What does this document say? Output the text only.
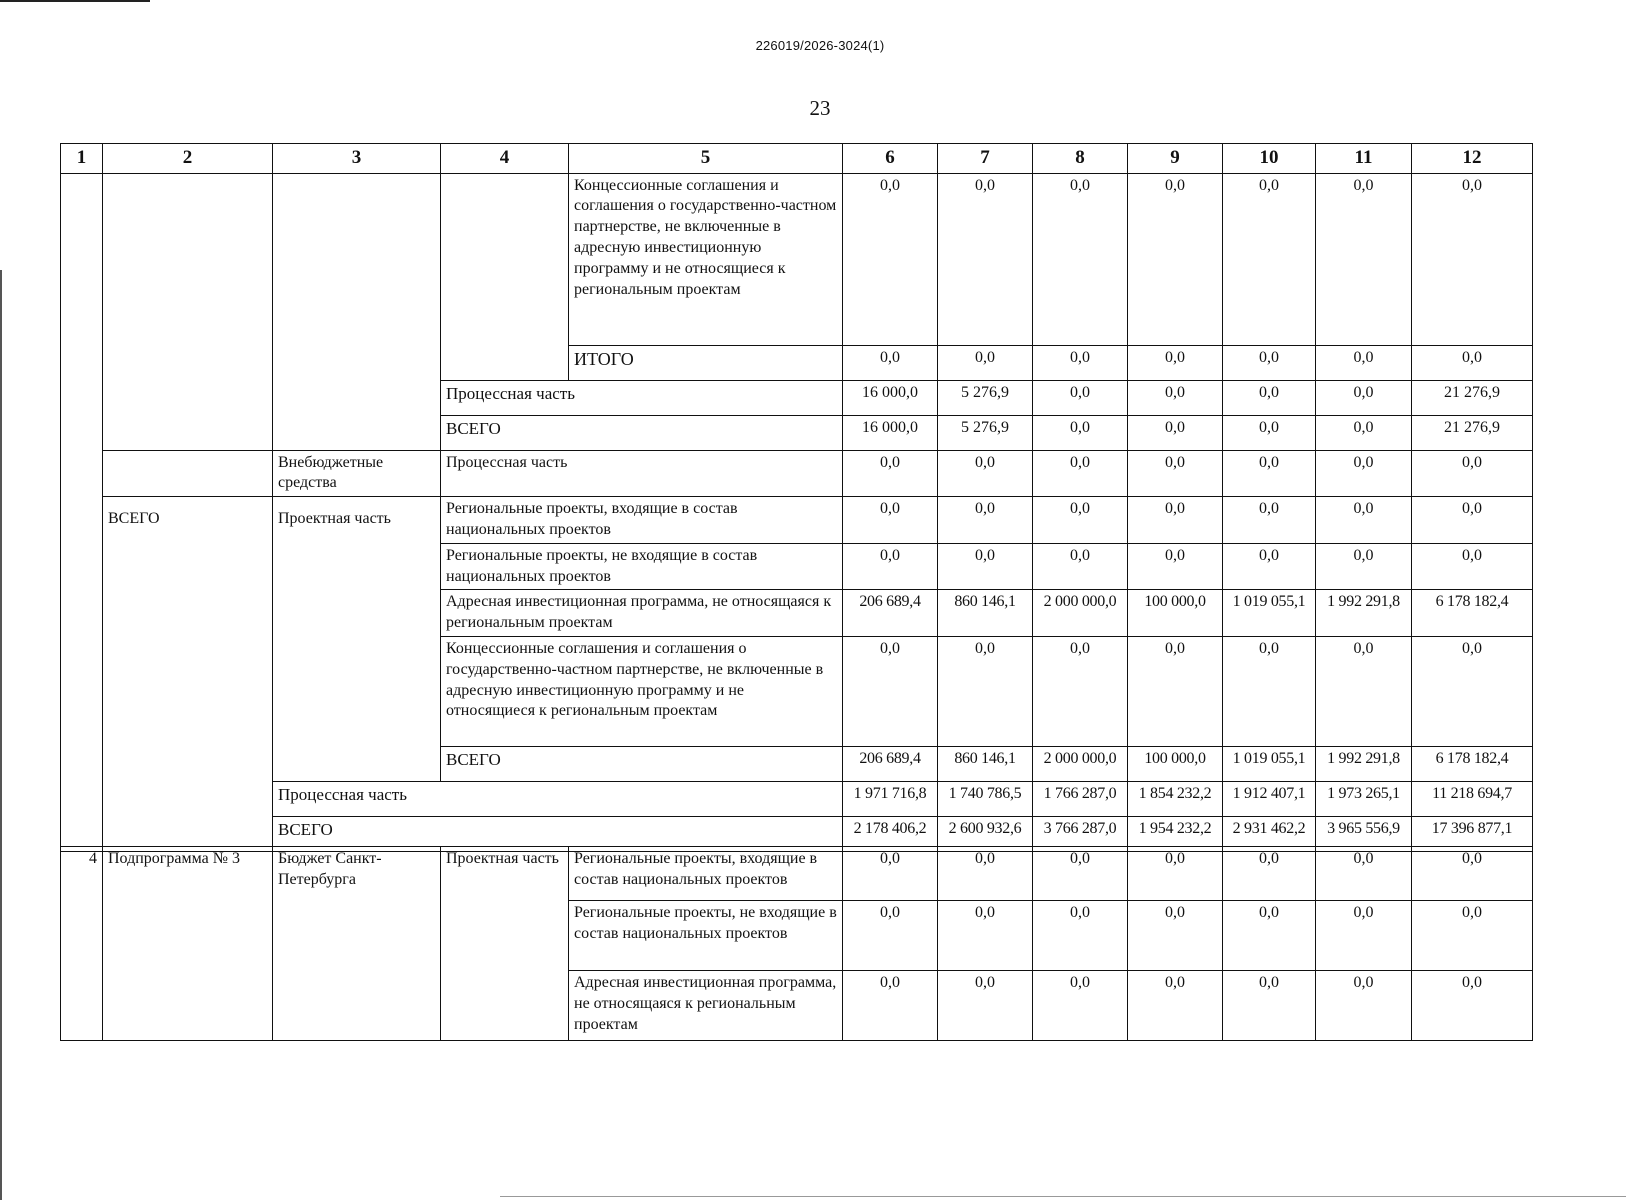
226019/2026-3024(1)
23
1	2	3	4	5	6	7	8	9	10	11	12
				Концессионные соглашения и соглашения о государственно-частном партнерстве, не включенные в адресную инвестиционную программу и не относящиеся к региональным проектам	0,0	0,0	0,0	0,0	0,0	0,0	0,0
				ИТОГО	0,0	0,0	0,0	0,0	0,0	0,0	0,0
			Процессная часть		16 000,0	5 276,9	0,0	0,0	0,0	0,0	21 276,9
			ВСЕГО		16 000,0	5 276,9	0,0	0,0	0,0	0,0	21 276,9
		Внебюджетные средства	Процессная часть		0,0	0,0	0,0	0,0	0,0	0,0	0,0
	ВСЕГО	Проектная часть	Региональные проекты, входящие в состав национальных проектов		0,0	0,0	0,0	0,0	0,0	0,0	0,0
			Региональные проекты, не входящие в состав национальных проектов		0,0	0,0	0,0	0,0	0,0	0,0	0,0
			Адресная инвестиционная программа, не относящаяся к региональным проектам		206 689,4	860 146,1	2 000 000,0	100 000,0	1 019 055,1	1 992 291,8	6 178 182,4
			Концессионные соглашения и соглашения о государственно-частном партнерстве, не включенные в адресную инвестиционную программу и не относящиеся к региональным проектам		0,0	0,0	0,0	0,0	0,0	0,0	0,0
			ВСЕГО		206 689,4	860 146,1	2 000 000,0	100 000,0	1 019 055,1	1 992 291,8	6 178 182,4
		Процессная часть			1 971 716,8	1 740 786,5	1 766 287,0	1 854 232,2	1 912 407,1	1 973 265,1	11 218 694,7
		ВСЕГО			2 178 406,2	2 600 932,6	3 766 287,0	1 954 232,2	2 931 462,2	3 965 556,9	17 396 877,1
4	Подпрограмма № 3	Бюджет Санкт-Петербурга	Проектная часть	Региональные проекты, входящие в состав национальных проектов	0,0	0,0	0,0	0,0	0,0	0,0	0,0
				Региональные проекты, не входящие в состав национальных проектов	0,0	0,0	0,0	0,0	0,0	0,0	0,0
				Адресная инвестиционная программа, не относящаяся к региональным проектам	0,0	0,0	0,0	0,0	0,0	0,0	0,0
